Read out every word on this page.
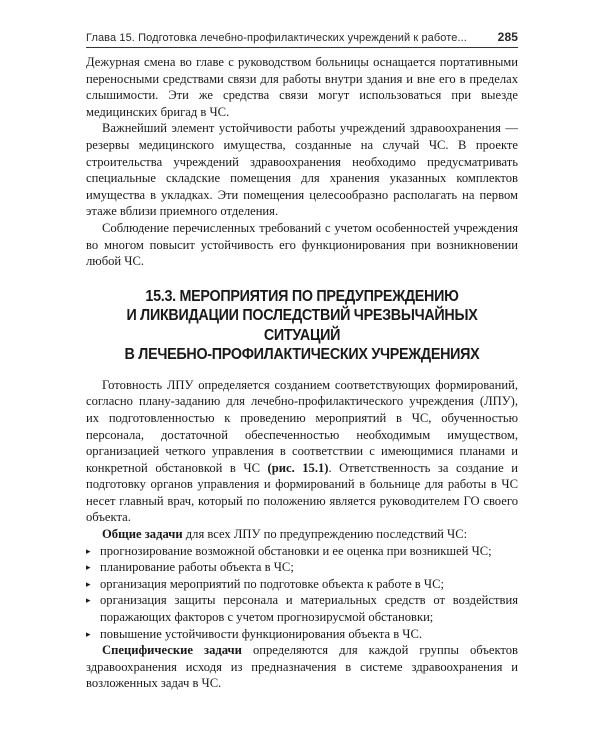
Глава 15. Подготовка лечебно-профилактических учреждений к работе...	285

Дежурная смена во главе с руководством больницы оснащается портативными переносными средствами связи для работы внутри здания и вне его в пределах слышимости. Эти же средства связи могут использоваться при выезде медицинских бригад в ЧС.

Важнейший элемент устойчивости работы учреждений здравоохранения — резервы медицинского имущества, созданные на случай ЧС. В проекте строительства учреждений здравоохранения необходимо предусматривать специальные складские помещения для хранения указанных комплектов имущества в укладках. Эти помещения целесообразно располагать на первом этаже вблизи приемного отделения.

Соблюдение перечисленных требований с учетом особенностей учреждения во многом повысит устойчивость его функционирования при возникновении любой ЧС.

15.3. МЕРОПРИЯТИЯ ПО ПРЕДУПРЕЖДЕНИЮ
И ЛИКВИДАЦИИ ПОСЛЕДСТВИЙ ЧРЕЗВЫЧАЙНЫХ СИТУАЦИЙ
В ЛЕЧЕБНО-ПРОФИЛАКТИЧЕСКИХ УЧРЕЖДЕНИЯХ

Готовность ЛПУ определяется созданием соответствующих формирований, согласно плану-заданию для лечебно-профилактического учреждения (ЛПУ), их подготовленностью к проведению мероприятий в ЧС, обученностью персонала, достаточной обеспеченностью необходимым имуществом, организацией четкого управления в соответствии с имеющимися планами и конкретной обстановкой в ЧС (рис. 15.1). Ответственность за создание и подготовку органов управления и формирований в больнице для работы в ЧС несет главный врач, который по положению является руководителем ГО своего объекта.

Общие задачи для всех ЛПУ по предупреждению последствий ЧС:

▸ прогнозирование возможной обстановки и ее оценка при возникшей ЧС;
▸ планирование работы объекта в ЧС;
▸ организация мероприятий по подготовке объекта к работе в ЧС;
▸ организация защиты персонала и материальных средств от воздействия поражающих факторов с учетом прогнозирусмой обстановки;
▸ повышение устойчивости функционирования объекта в ЧС.

Специфические задачи определяются для каждой группы объектов здравоохранения исходя из предназначения в системе здравоохранения и возложенных задач в ЧС.
